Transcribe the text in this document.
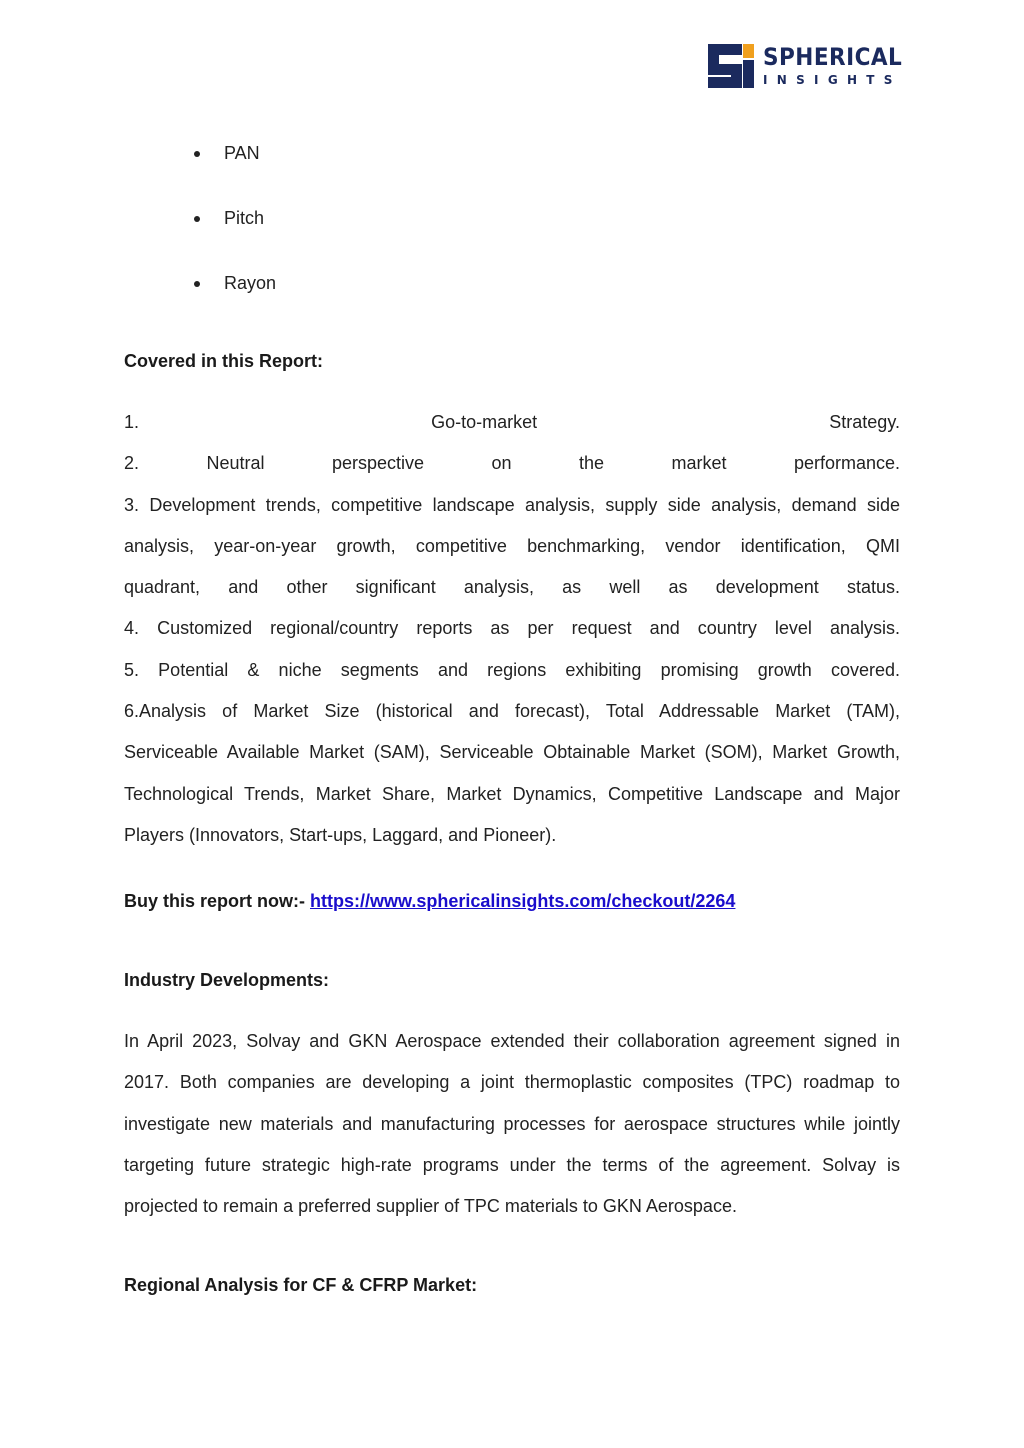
SPHERICAL
INSIGHTS
PAN
Pitch
Rayon
Covered in this Report:
1. Go-to-market Strategy.
2. Neutral perspective on the market performance.
3. Development trends, competitive landscape analysis, supply side analysis, demand side
analysis, year-on-year growth, competitive benchmarking, vendor identification, QMI
quadrant, and other significant analysis, as well as development status.
4. Customized regional/country reports as per request and country level analysis.
5. Potential & niche segments and regions exhibiting promising growth covered.
6.Analysis of Market Size (historical and forecast), Total Addressable Market (TAM),
Serviceable Available Market (SAM), Serviceable Obtainable Market (SOM), Market Growth,
Technological Trends, Market Share, Market Dynamics, Competitive Landscape and Major
Players (Innovators, Start-ups, Laggard, and Pioneer).
Buy this report now:- https://www.sphericalinsights.com/checkout/2264
Industry Developments:
In April 2023, Solvay and GKN Aerospace extended their collaboration agreement signed in
2017. Both companies are developing a joint thermoplastic composites (TPC) roadmap to
investigate new materials and manufacturing processes for aerospace structures while jointly
targeting future strategic high-rate programs under the terms of the agreement. Solvay is
projected to remain a preferred supplier of TPC materials to GKN Aerospace.
Regional Analysis for CF & CFRP Market:
